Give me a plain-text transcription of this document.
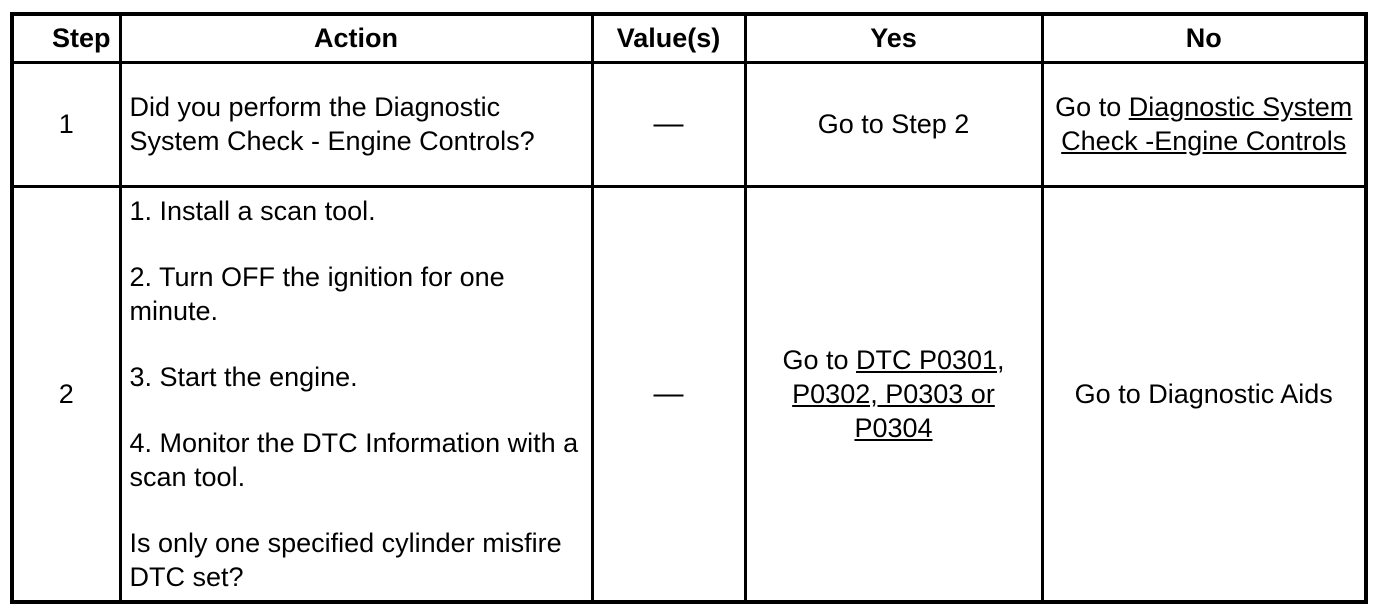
Step	Action	Value(s)	Yes	No
1	Did you perform the Diagnostic System Check - Engine Controls?	—	Go to Step 2	Go to Diagnostic System Check -Engine Controls
2	1. Install a scan tool.

2. Turn OFF the ignition for one minute.

3. Start the engine.

4. Monitor the DTC Information with a scan tool.

Is only one specified cylinder misfire DTC set?	—	Go to DTC P0301, P0302, P0303 or P0304	Go to Diagnostic Aids
